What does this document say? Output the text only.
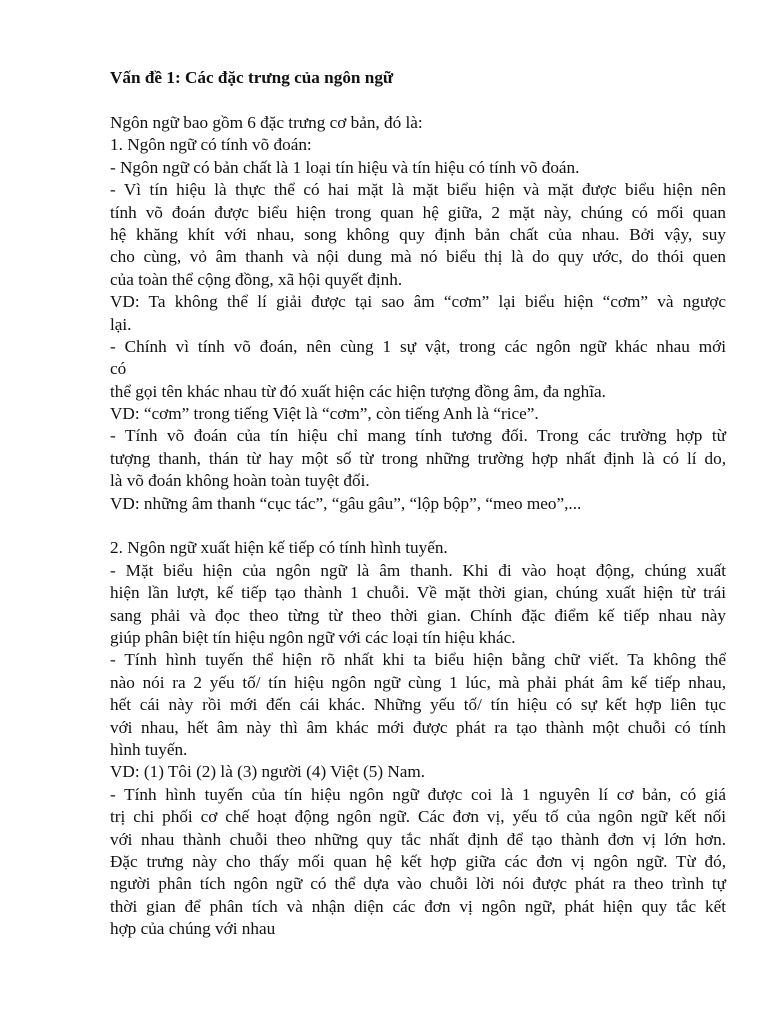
Vấn đề 1: Các đặc trưng của ngôn ngữ
Ngôn ngữ bao gồm 6 đặc trưng cơ bản, đó là:
1. Ngôn ngữ có tính võ đoán:
- Ngôn ngữ có bản chất là 1 loại tín hiệu và tín hiệu có tính võ đoán.
- Vì tín hiệu là thực thể có hai mặt là mặt biểu hiện và mặt được biểu hiện nên
tính võ đoán được biểu hiện trong quan hệ giữa, 2 mặt này, chúng có mối quan
hệ khăng khít với nhau, song không quy định bản chất của nhau. Bởi vậy, suy
cho cùng, vỏ âm thanh và nội dung mà nó biểu thị là do quy ước, do thói quen
của toàn thể cộng đồng, xã hội quyết định.
VD: Ta không thể lí giải được tại sao âm “cơm” lại biểu hiện “cơm” và ngược
lại.
- Chính vì tính võ đoán, nên cùng 1 sự vật, trong các ngôn ngữ khác nhau mới
có
thể gọi tên khác nhau từ đó xuất hiện các hiện tượng đồng âm, đa nghĩa.
VD: “cơm” trong tiếng Việt là “cơm”, còn tiếng Anh là “rice”.
- Tính võ đoán của tín hiệu chỉ mang tính tương đối. Trong các trường hợp từ
tượng thanh, thán từ hay một số từ trong những trường hợp nhất định là có lí do,
là võ đoán không hoàn toàn tuyệt đối.
VD: những âm thanh “cục tác”, “gâu gâu”, “lộp bộp”, “meo meo”,...
2. Ngôn ngữ xuất hiện kế tiếp có tính hình tuyến.
- Mặt biểu hiện của ngôn ngữ là âm thanh. Khi đi vào hoạt động, chúng xuất
hiện lần lượt, kế tiếp tạo thành 1 chuỗi. Về mặt thời gian, chúng xuất hiện từ trái
sang phải và đọc theo từng từ theo thời gian. Chính đặc điểm kế tiếp nhau này
giúp phân biệt tín hiệu ngôn ngữ với các loại tín hiệu khác.
- Tính hình tuyến thể hiện rõ nhất khi ta biểu hiện bằng chữ viết. Ta không thể
nào nói ra 2 yếu tố/ tín hiệu ngôn ngữ cùng 1 lúc, mà phải phát âm kế tiếp nhau,
hết cái này rồi mới đến cái khác. Những yếu tố/ tín hiệu có sự kết hợp liên tục
với nhau, hết âm này thì âm khác mới được phát ra tạo thành một chuỗi có tính
hình tuyến.
VD: (1) Tôi (2) là (3) người (4) Việt (5) Nam.
- Tính hình tuyến của tín hiệu ngôn ngữ được coi là 1 nguyên lí cơ bản, có giá
trị chi phối cơ chế hoạt động ngôn ngữ. Các đơn vị, yếu tố của ngôn ngữ kết nối
với nhau thành chuỗi theo những quy tắc nhất định để tạo thành đơn vị lớn hơn.
Đặc trưng này cho thấy mối quan hệ kết hợp giữa các đơn vị ngôn ngữ. Từ đó,
người phân tích ngôn ngữ có thể dựa vào chuỗi lời nói được phát ra theo trình tự
thời gian để phân tích và nhận diện các đơn vị ngôn ngữ, phát hiện quy tắc kết
hợp của chúng với nhau
